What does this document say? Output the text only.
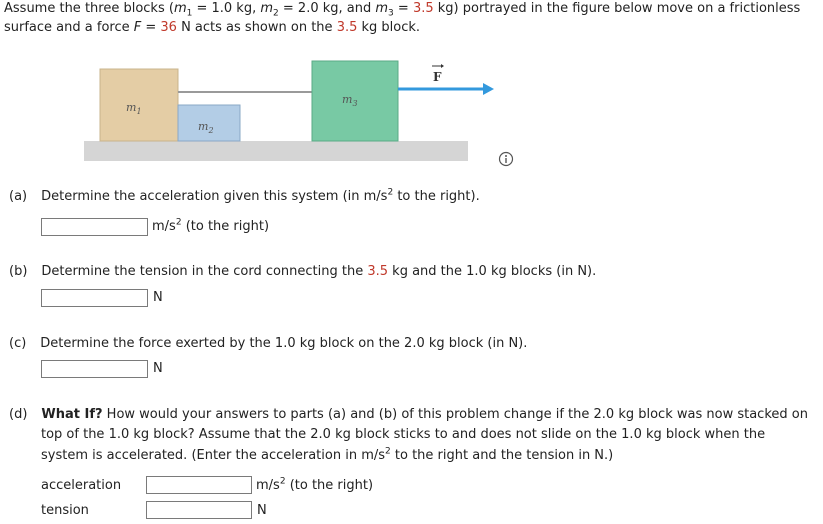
Assume the three blocks ($m_1 = 1.0$ kg, $m_2 = 2.0$ kg, and $m_3 = 3.5$ kg) portrayed in the figure below move on a frictionless
surface and a force F = 36 N acts as shown on the 3.5 kg block.
F
$m_1$
$m_2$
$m_3$
(a) Determine the acceleration given this system (in $m/s^2$ to the right).
$m/s^2$ (to the right)
(b) Determine the tension in the cord connecting the 3.5 kg and the 1.0 kg blocks (in N).
N
(c) Determine the force exerted by the 1.0 kg block on the 2.0 kg block (in N).
N
(d) What If? How would your answers to parts (a) and (b) of this problem change if the 2.0 kg block was now stacked on
top of the 1.0 kg block? Assume that the 2.0 kg block sticks to and does not slide on the 1.0 kg block when the
system is accelerated. (Enter the acceleration in $m/s^2$ to the right and the tension in N.)
acceleration	$m/s^2$ (to the right)
tension	N
